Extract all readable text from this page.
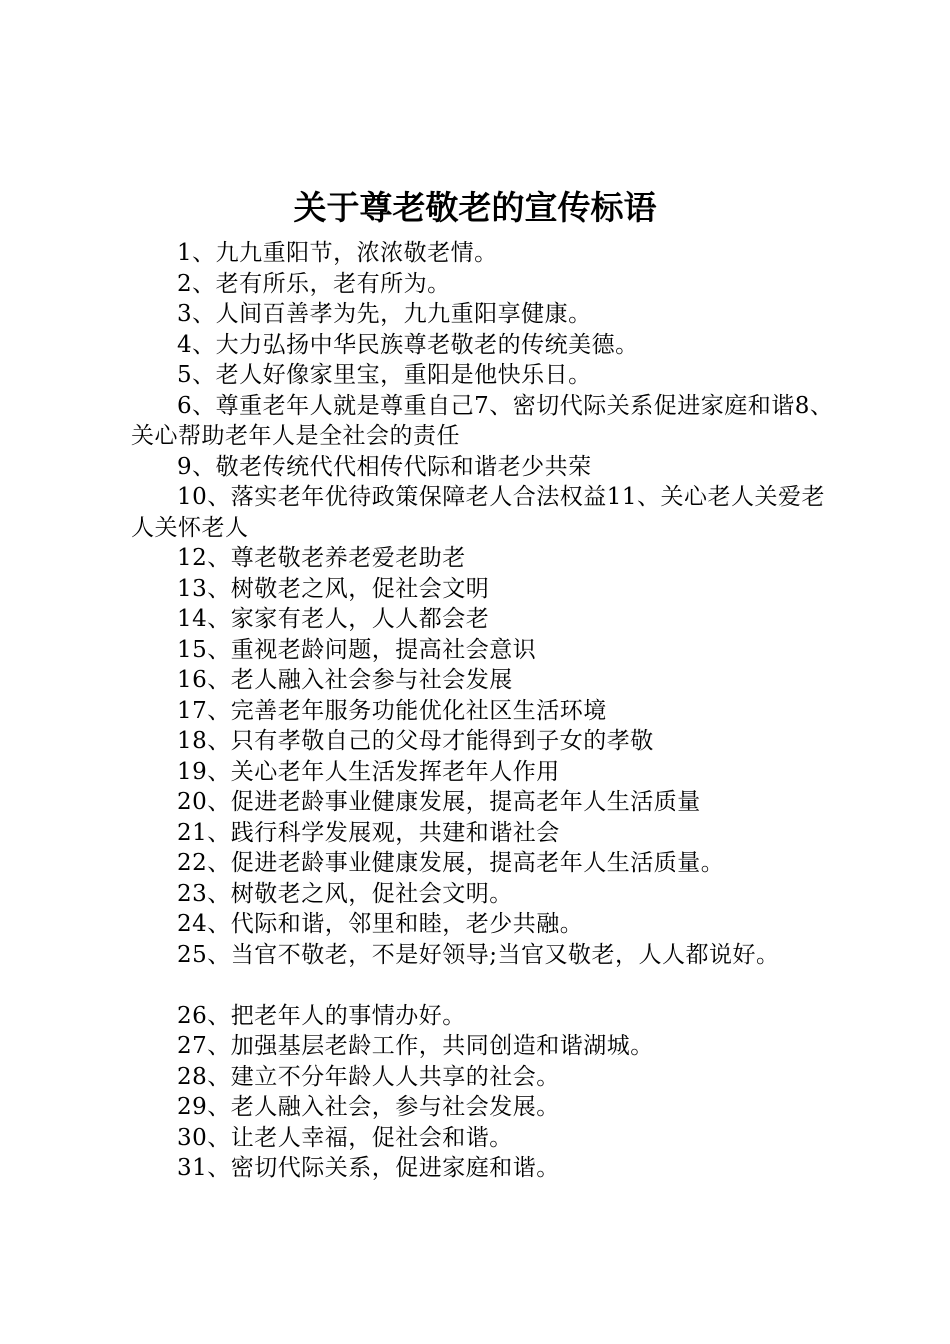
关于尊老敬老的宣传标语
1、九九重阳节，浓浓敬老情。
2、老有所乐，老有所为。
3、人间百善孝为先，九九重阳享健康。
4、大力弘扬中华民族尊老敬老的传统美德。
5、老人好像家里宝，重阳是他快乐日。
6、尊重老年人就是尊重自己7、密切代际关系促进家庭和谐8、关心帮助老年人是全社会的责任
9、敬老传统代代相传代际和谐老少共荣
10、落实老年优待政策保障老人合法权益11、关心老人关爱老人关怀老人
12、尊老敬老养老爱老助老
13、树敬老之风，促社会文明
14、家家有老人，人人都会老
15、重视老龄问题，提高社会意识
16、老人融入社会参与社会发展
17、完善老年服务功能优化社区生活环境
18、只有孝敬自己的父母才能得到子女的孝敬
19、关心老年人生活发挥老年人作用
20、促进老龄事业健康发展，提高老年人生活质量
21、践行科学发展观，共建和谐社会
22、促进老龄事业健康发展，提高老年人生活质量。
23、树敬老之风，促社会文明。
24、代际和谐，邻里和睦，老少共融。
25、当官不敬老，不是好领导;当官又敬老，人人都说好。
26、把老年人的事情办好。
27、加强基层老龄工作，共同创造和谐湖城。
28、建立不分年龄人人共享的社会。
29、老人融入社会，参与社会发展。
30、让老人幸福，促社会和谐。
31、密切代际关系，促进家庭和谐。
